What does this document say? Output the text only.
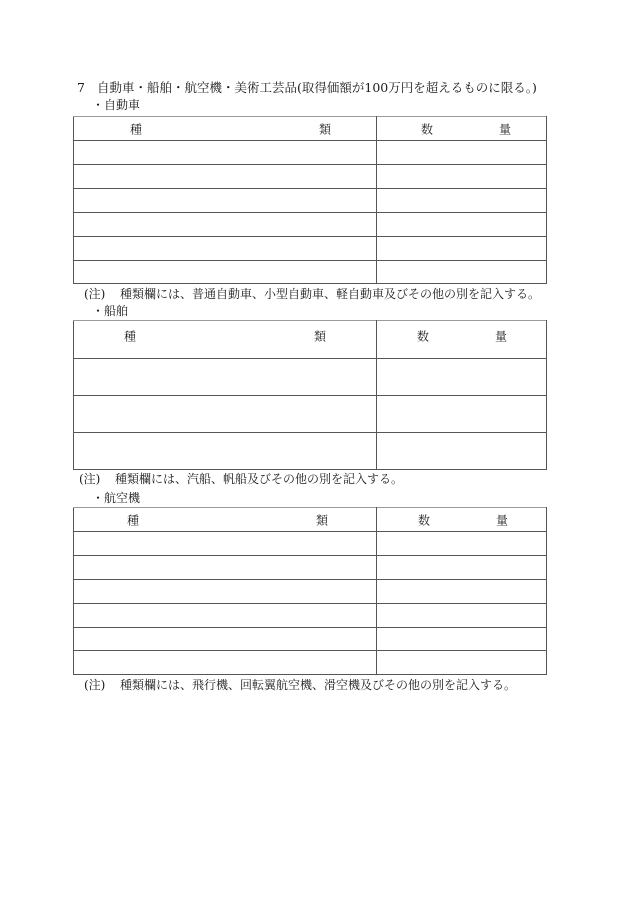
7 自動車・船舶・航空機・美術工芸品(取得価額が100万円を超えるものに限る。)
・自動車
種 類	数 量

(注) 種類欄には、普通自動車、小型自動車、軽自動車及びその他の別を記入する。
・船舶
種 類	数 量

(注) 種類欄には、汽船、帆船及びその他の別を記入する。
・航空機
種 類	数 量

(注) 種類欄には、飛行機、回転翼航空機、滑空機及びその他の別を記入する。
